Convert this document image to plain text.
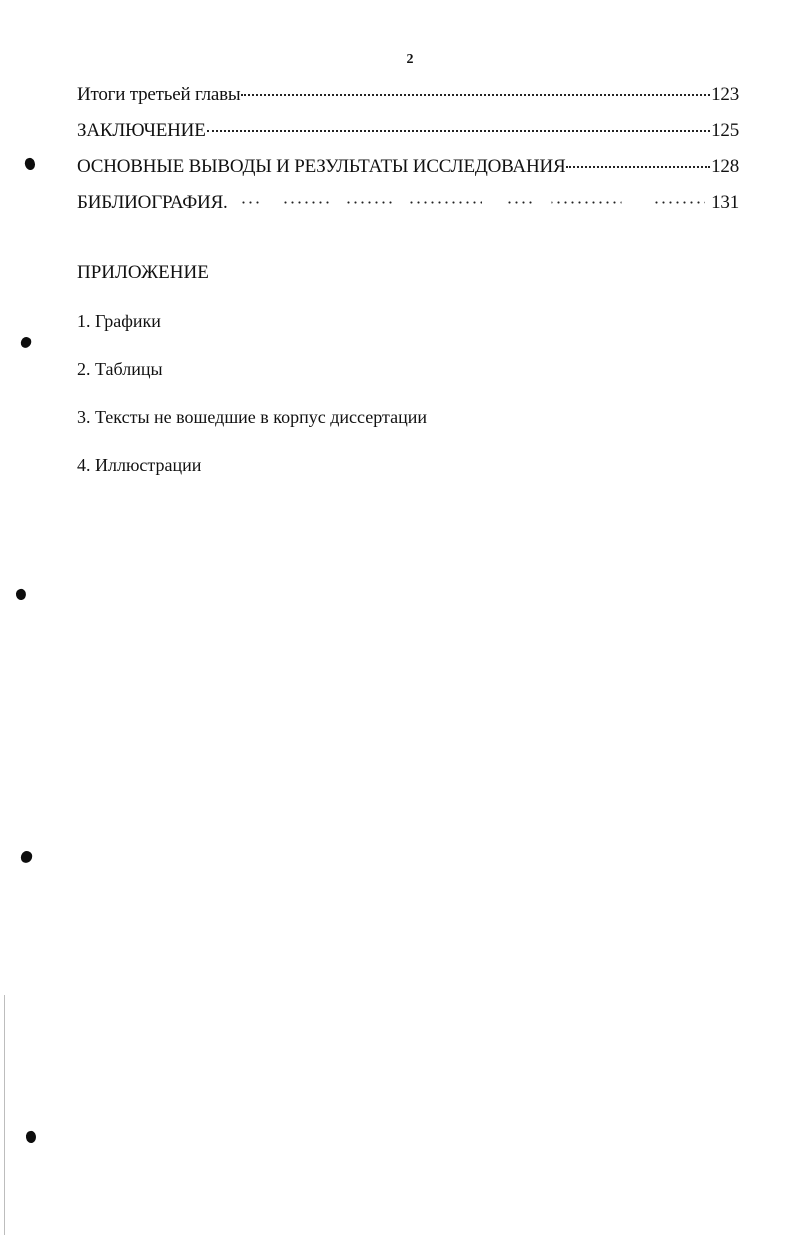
2
Итоги третьей главы	123
ЗАКЛЮЧЕНИЕ	125
ОСНОВНЫЕ ВЫВОДЫ И РЕЗУЛЬТАТЫ ИССЛЕДОВАНИЯ	128
БИБЛИОГРАФИЯ.	131
ПРИЛОЖЕНИЕ
1. Графики
2. Таблицы
3. Тексты не вошедшие в корпус диссертации
4. Иллюстрации
